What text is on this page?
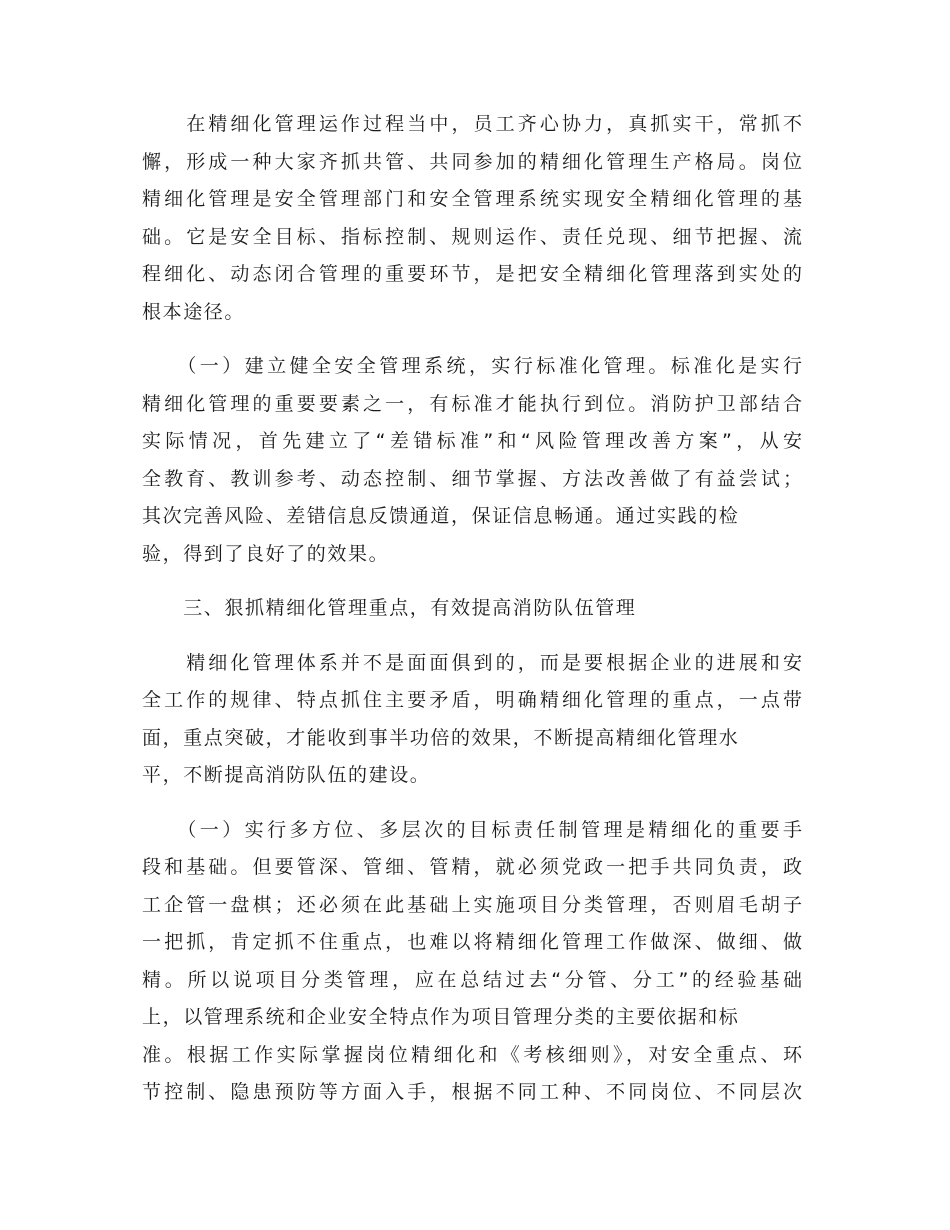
　　在精细化管理运作过程当中，员工齐心协力，真抓实干，常抓不
懈，形成一种大家齐抓共管、共同参加的精细化管理生产格局。岗位
精细化管理是安全管理部门和安全管理系统实现安全精细化管理的基
础。它是安全目标、指标控制、规则运作、责任兑现、细节把握、流
程细化、动态闭合管理的重要环节，是把安全精细化管理落到实处的
根本途径。
　　（一）建立健全安全管理系统，实行标准化管理。标准化是实行
精细化管理的重要要素之一，有标准才能执行到位。消防护卫部结合
实际情况，首先建立了“差错标准”和“风险管理改善方案”，从安
全教育、教训参考、动态控制、细节掌握、方法改善做了有益尝试；
其次完善风险、差错信息反馈通道，保证信息畅通。通过实践的检
验，得到了良好了的效果。
　　三、狠抓精细化管理重点，有效提高消防队伍管理
　　精细化管理体系并不是面面俱到的，而是要根据企业的进展和安
全工作的规律、特点抓住主要矛盾，明确精细化管理的重点，一点带
面，重点突破，才能收到事半功倍的效果，不断提高精细化管理水
平，不断提高消防队伍的建设。
　　（一）实行多方位、多层次的目标责任制管理是精细化的重要手
段和基础。但要管深、管细、管精，就必须党政一把手共同负责，政
工企管一盘棋；还必须在此基础上实施项目分类管理，否则眉毛胡子
一把抓，肯定抓不住重点，也难以将精细化管理工作做深、做细、做
精。所以说项目分类管理，应在总结过去“分管、分工”的经验基础
上，以管理系统和企业安全特点作为项目管理分类的主要依据和标
准。根据工作实际掌握岗位精细化和《考核细则》，对安全重点、环
节控制、隐患预防等方面入手，根据不同工种、不同岗位、不同层次
